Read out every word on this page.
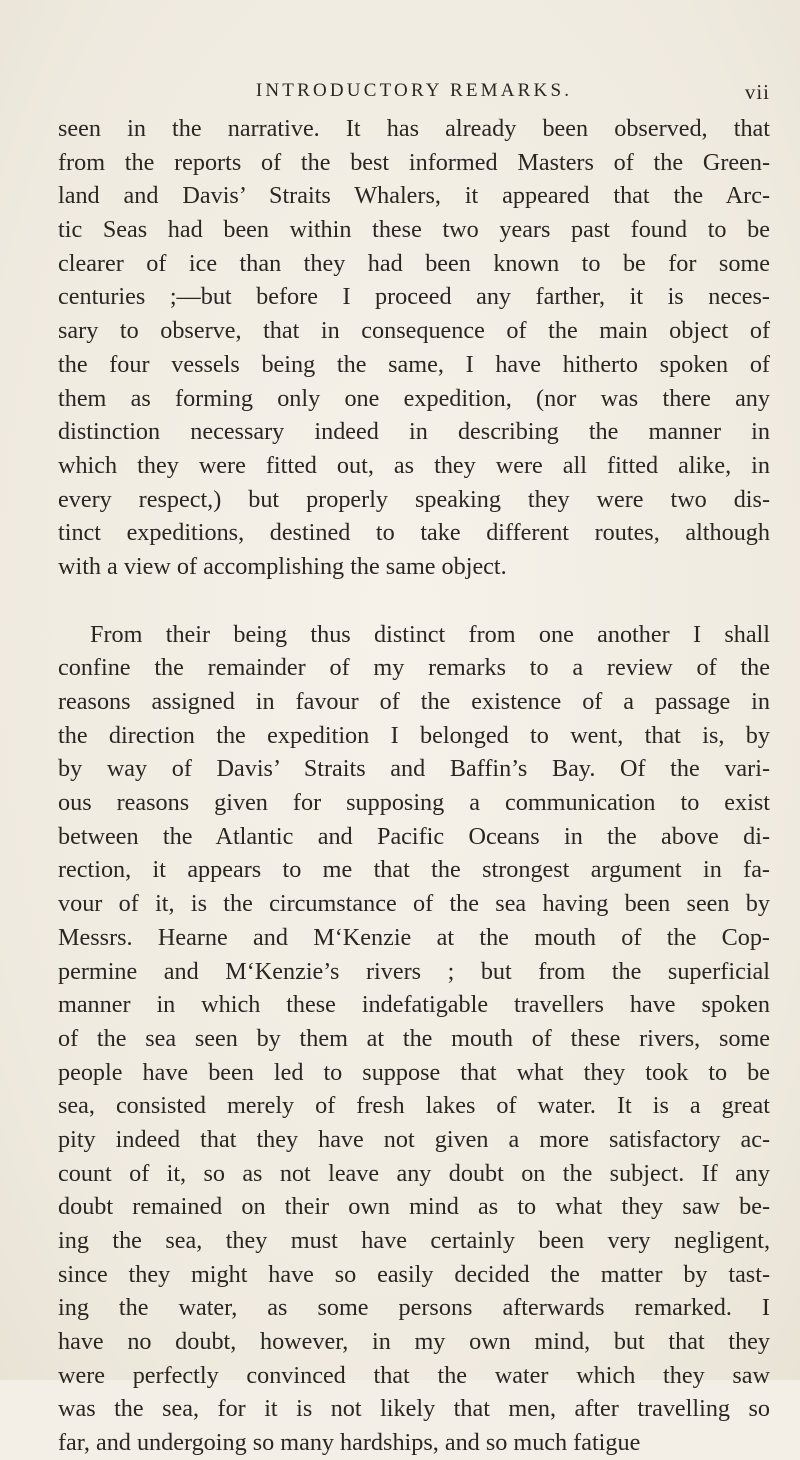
INTRODUCTORY REMARKS.	vii
seen in the narrative. It has already been observed, that
from the reports of the best informed Masters of the Green-
land and Davis’ Straits Whalers, it appeared that the Arc-
tic Seas had been within these two years past found to be
clearer of ice than they had been known to be for some
centuries ;—but before I proceed any farther, it is neces-
sary to observe, that in consequence of the main object of
the four vessels being the same, I have hitherto spoken of
them as forming only one expedition, (nor was there any
distinction necessary indeed in describing the manner in
which they were fitted out, as they were all fitted alike, in
every respect,) but properly speaking they were two dis-
tinct expeditions, destined to take different routes, although
with a view of accomplishing the same object.
From their being thus distinct from one another I shall
confine the remainder of my remarks to a review of the
reasons assigned in favour of the existence of a passage in
the direction the expedition I belonged to went, that is, by
by way of Davis’ Straits and Baffin’s Bay. Of the vari-
ous reasons given for supposing a communication to exist
between the Atlantic and Pacific Oceans in the above di-
rection, it appears to me that the strongest argument in fa-
vour of it, is the circumstance of the sea having been seen by
Messrs. Hearne and M‘Kenzie at the mouth of the Cop-
permine and M‘Kenzie’s rivers ; but from the superficial
manner in which these indefatigable travellers have spoken
of the sea seen by them at the mouth of these rivers, some
people have been led to suppose that what they took to be
sea, consisted merely of fresh lakes of water. It is a great
pity indeed that they have not given a more satisfactory ac-
count of it, so as not leave any doubt on the subject. If any
doubt remained on their own mind as to what they saw be-
ing the sea, they must have certainly been very negligent,
since they might have so easily decided the matter by tast-
ing the water, as some persons afterwards remarked. I
have no doubt, however, in my own mind, but that they
were perfectly convinced that the water which they saw
was the sea, for it is not likely that men, after travelling so
far, and undergoing so many hardships, and so much fatigue
